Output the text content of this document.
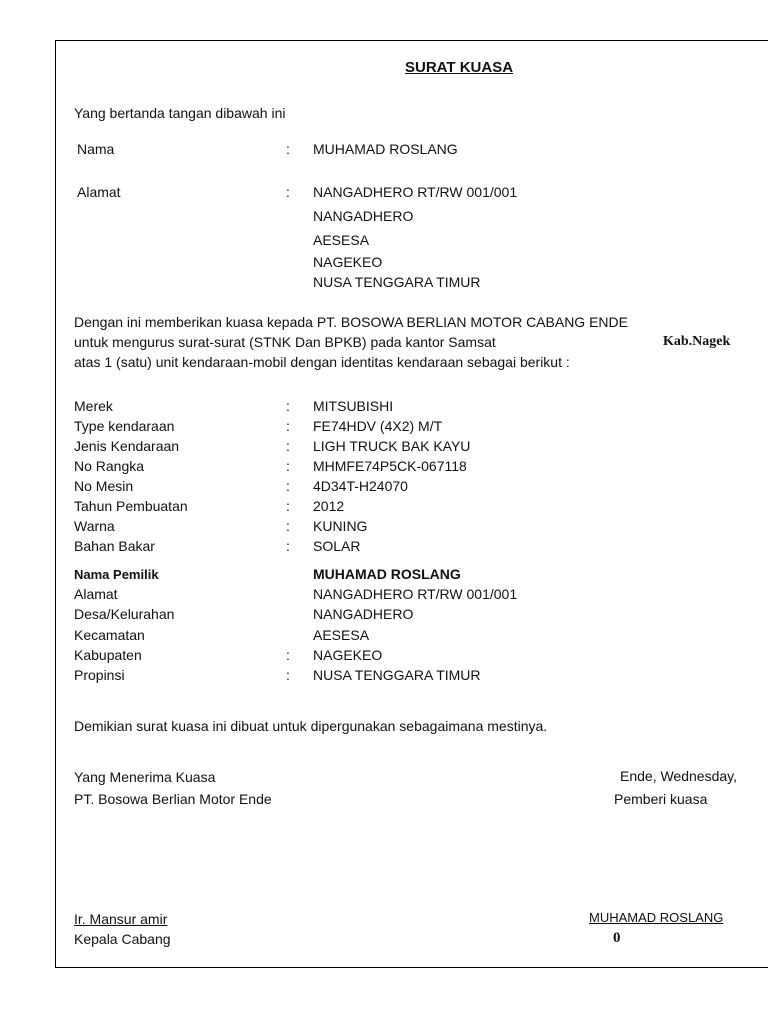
SURAT KUASA
Yang bertanda tangan dibawah ini
Nama	: MUHAMAD ROSLANG
Alamat	: NANGADHERO RT/RW 001/001
NANGADHERO
AESESA
NAGEKEO
NUSA TENGGARA TIMUR
Dengan ini memberikan kuasa kepada PT. BOSOWA BERLIAN MOTOR CABANG ENDE
untuk mengurus surat-surat (STNK Dan BPKB) pada kantor Samsat	Kab.Nagek
atas 1 (satu) unit kendaraan-mobil dengan identitas kendaraan sebagai berikut :
Merek	: MITSUBISHI
Type kendaraan	: FE74HDV (4X2) M/T
Jenis Kendaraan	: LIGH TRUCK BAK KAYU
No Rangka	: MHMFE74P5CK-067118
No Mesin	: 4D34T-H24070
Tahun Pembuatan	: 2012
Warna	: KUNING
Bahan Bakar	: SOLAR
Nama Pemilik	MUHAMAD ROSLANG
Alamat	NANGADHERO RT/RW 001/001
Desa/Kelurahan	NANGADHERO
Kecamatan	AESESA
Kabupaten	: NAGEKEO
Propinsi	: NUSA TENGGARA TIMUR
Demikian surat kuasa ini dibuat untuk dipergunakan sebagaimana mestinya.
Yang Menerima Kuasa
PT. Bosowa Berlian Motor Ende
Ende, Wednesday,
Pemberi kuasa
Ir. Mansur amir
Kepala Cabang
MUHAMAD ROSLANG
0
